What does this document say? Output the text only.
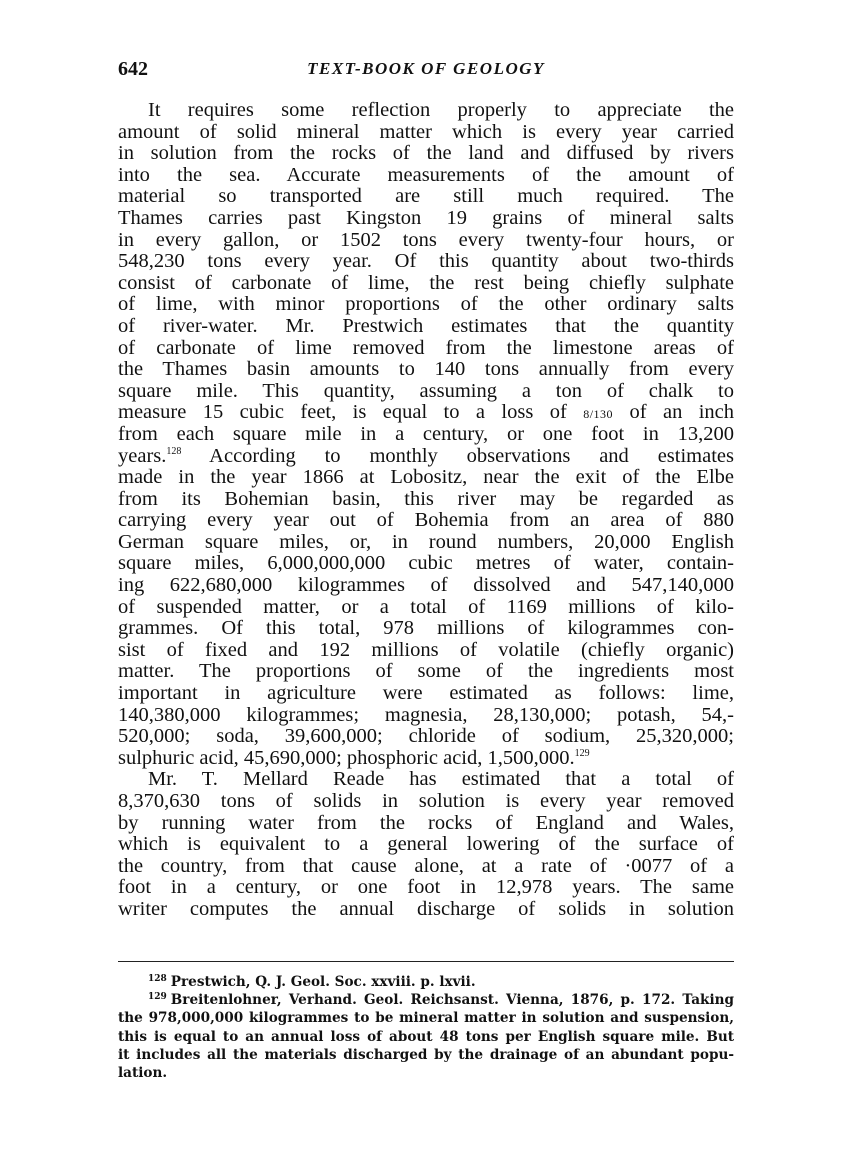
642	TEXT-BOOK OF GEOLOGY
It requires some reflection properly to appreciate the
amount of solid mineral matter which is every year carried
in solution from the rocks of the land and diffused by rivers
into the sea. Accurate measurements of the amount of
material so transported are still much required. The
Thames carries past Kingston 19 grains of mineral salts
in every gallon, or 1502 tons every twenty-four hours, or
548,230 tons every year. Of this quantity about two-thirds
consist of carbonate of lime, the rest being chiefly sulphate
of lime, with minor proportions of the other ordinary salts
of river-water. Mr. Prestwich estimates that the quantity
of carbonate of lime removed from the limestone areas of
the Thames basin amounts to 140 tons annually from every
square mile. This quantity, assuming a ton of chalk to
measure 15 cubic feet, is equal to a loss of 8/130 of an inch
from each square mile in a century, or one foot in 13,200
years.$^{128}$ According to monthly observations and estimates
made in the year 1866 at Lobositz, near the exit of the Elbe
from its Bohemian basin, this river may be regarded as
carrying every year out of Bohemia from an area of 880
German square miles, or, in round numbers, 20,000 English
square miles, 6,000,000,000 cubic metres of water, contain-
ing 622,680,000 kilogrammes of dissolved and 547,140,000
of suspended matter, or a total of 1169 millions of kilo-
grammes. Of this total, 978 millions of kilogrammes con-
sist of fixed and 192 millions of volatile (chiefly organic)
matter. The proportions of some of the ingredients most
important in agriculture were estimated as follows: lime,
140,380,000 kilogrammes; magnesia, 28,130,000; potash, 54,-
520,000; soda, 39,600,000; chloride of sodium, 25,320,000;
sulphuric acid, 45,690,000; phosphoric acid, 1,500,000.$^{129}$
Mr. T. Mellard Reade has estimated that a total of
8,370,630 tons of solids in solution is every year removed
by running water from the rocks of England and Wales,
which is equivalent to a general lowering of the surface of
the country, from that cause alone, at a rate of ·0077 of a
foot in a century, or one foot in 12,978 years. The same
writer computes the annual discharge of solids in solution
$^{128}$ Prestwich, Q. J. Geol. Soc. xxviii. p. lxvii.
$^{129}$ Breitenlohner, Verhand. Geol. Reichsanst. Vienna, 1876, p. 172. Taking
the 978,000,000 kilogrammes to be mineral matter in solution and suspension,
this is equal to an annual loss of about 48 tons per English square mile. But
it includes all the materials discharged by the drainage of an abundant popu-
lation.
